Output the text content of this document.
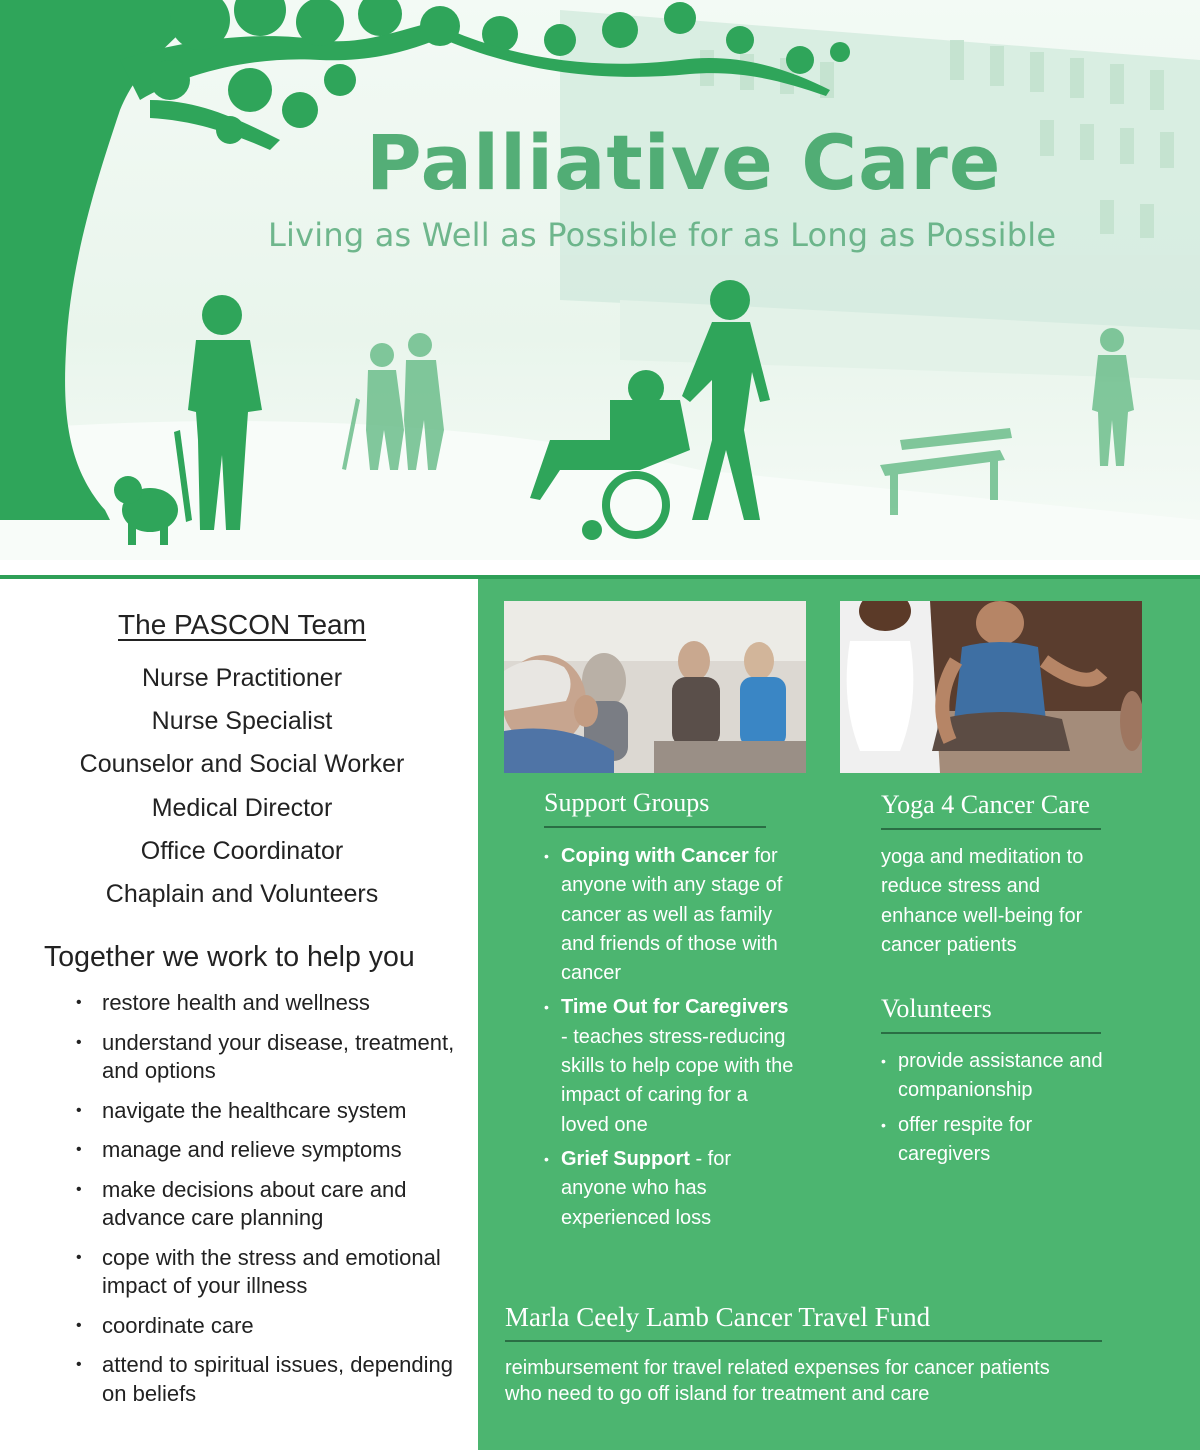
Palliative Care
Living as Well as Possible for as Long as Possible
The PASCON Team
Nurse Practitioner
Nurse Specialist
Counselor and Social Worker
Medical Director
Office Coordinator
Chaplain and Volunteers
Together we work to help you
• restore health and wellness
• understand your disease, treatment, and options
• navigate the healthcare system
• manage and relieve symptoms
• make decisions about care and advance care planning
• cope with the stress and emotional impact of your illness
• coordinate care
• attend to spiritual issues, depending on beliefs
Support Groups
• Coping with Cancer for anyone with any stage of cancer as well as family and friends of those with cancer
• Time Out for Caregivers - teaches stress-reducing skills to help cope with the impact of caring for a loved one
• Grief Support - for anyone who has experienced loss
Yoga 4 Cancer Care
yoga and meditation to reduce stress and enhance well-being for cancer patients
Volunteers
• provide assistance and companionship
• offer respite for caregivers
Marla Ceely Lamb Cancer Travel Fund
reimbursement for travel related expenses for cancer patients who need to go off island for treatment and care
